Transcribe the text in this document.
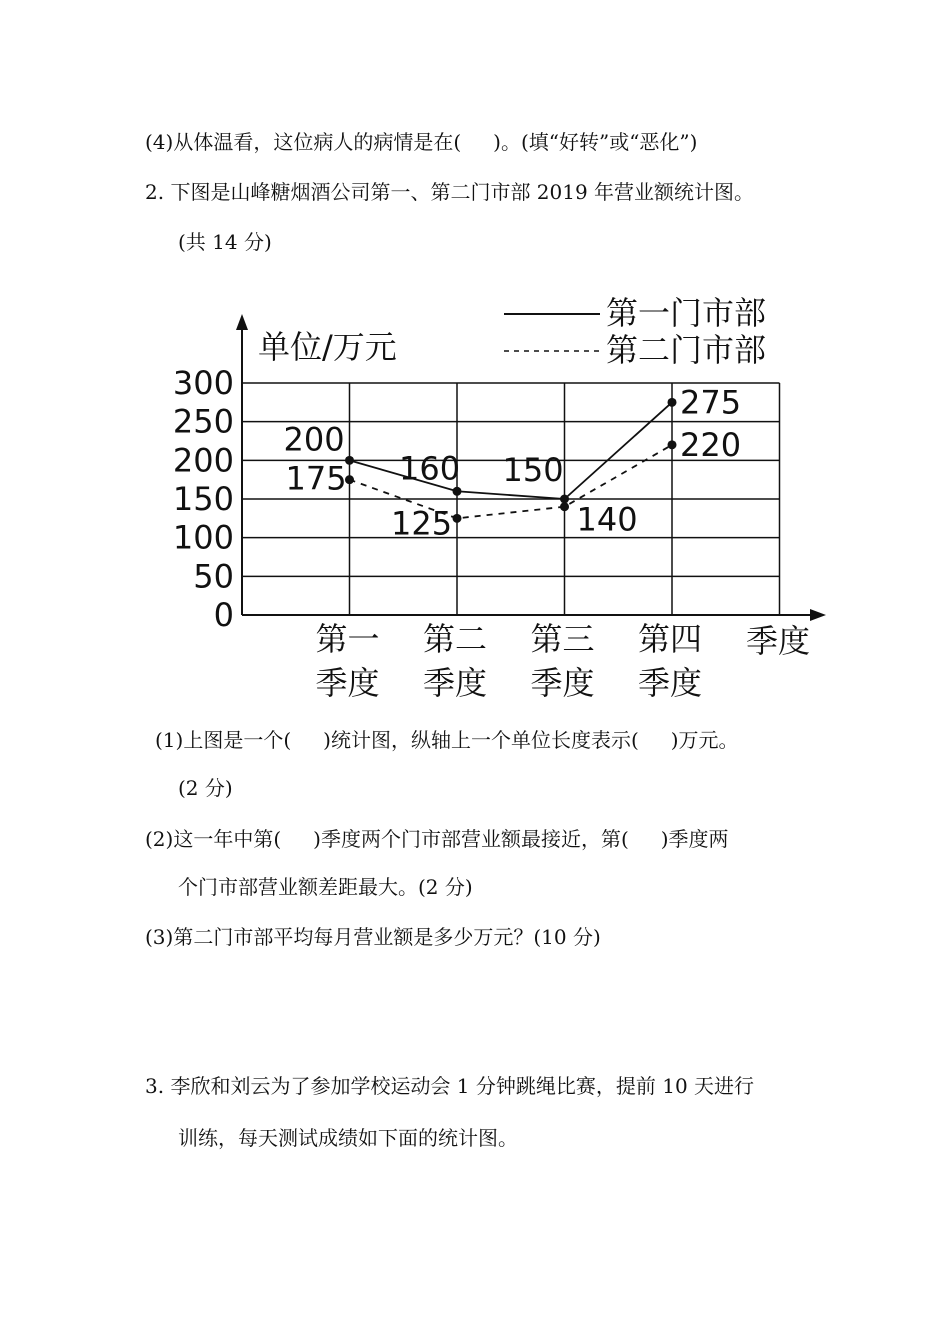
(4)从体温看，这位病人的病情是在( )。(填“好转”或“恶化”)
2. 下图是山峰糖烟酒公司第一、第二门市部 2019 年营业额统计图。
(共 14 分)
300
250
200
150
100
50
0
第一
季度
第二
季度
第三
季度
第四
季度
200
160 150
275
175
125	140
220
第一门市部
第二门市部
单位/万元
季度
(1)上图是一个( )统计图，纵轴上一个单位长度表示( )万元。
(2 分)
(2)这一年中第( )季度两个门市部营业额最接近，第( )季度两
个门市部营业额差距最大。(2 分)
(3)第二门市部平均每月营业额是多少万元？(10 分)
3. 李欣和刘云为了参加学校运动会 1 分钟跳绳比赛，提前 10 天进行
训练，每天测试成绩如下面的统计图。
